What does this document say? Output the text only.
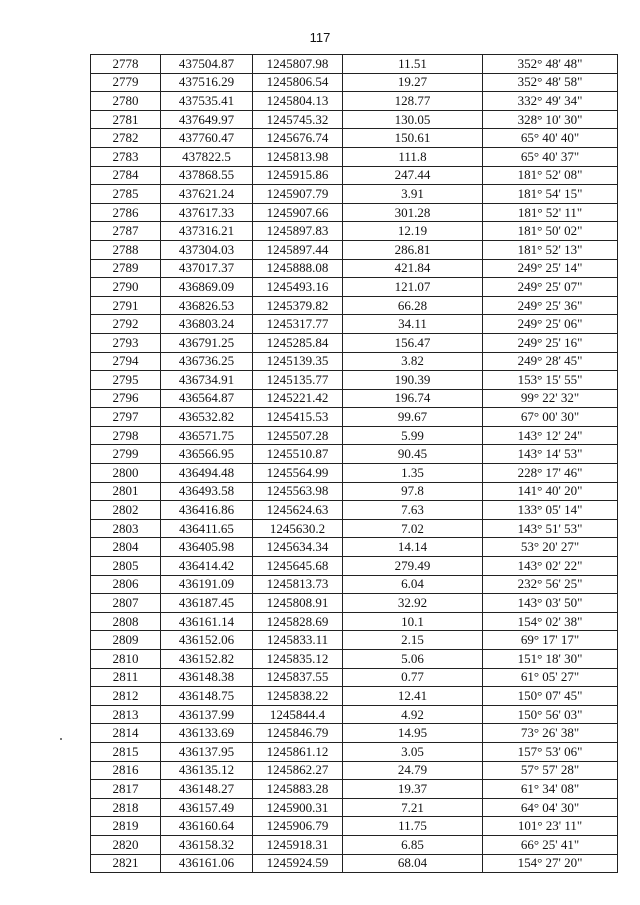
117
2778	437504.87	1245807.98	11.51	352° 48' 48"
2779	437516.29	1245806.54	19.27	352° 48' 58"
2780	437535.41	1245804.13	128.77	332° 49' 34"
2781	437649.97	1245745.32	130.05	328° 10' 30"
2782	437760.47	1245676.74	150.61	65° 40' 40"
2783	437822.5	1245813.98	111.8	65° 40' 37"
2784	437868.55	1245915.86	247.44	181° 52' 08"
2785	437621.24	1245907.79	3.91	181° 54' 15"
2786	437617.33	1245907.66	301.28	181° 52' 11"
2787	437316.21	1245897.83	12.19	181° 50' 02"
2788	437304.03	1245897.44	286.81	181° 52' 13"
2789	437017.37	1245888.08	421.84	249° 25' 14"
2790	436869.09	1245493.16	121.07	249° 25' 07"
2791	436826.53	1245379.82	66.28	249° 25' 36"
2792	436803.24	1245317.77	34.11	249° 25' 06"
2793	436791.25	1245285.84	156.47	249° 25' 16"
2794	436736.25	1245139.35	3.82	249° 28' 45"
2795	436734.91	1245135.77	190.39	153° 15' 55"
2796	436564.87	1245221.42	196.74	99° 22' 32"
2797	436532.82	1245415.53	99.67	67° 00' 30"
2798	436571.75	1245507.28	5.99	143° 12' 24"
2799	436566.95	1245510.87	90.45	143° 14' 53"
2800	436494.48	1245564.99	1.35	228° 17' 46"
2801	436493.58	1245563.98	97.8	141° 40' 20"
2802	436416.86	1245624.63	7.63	133° 05' 14"
2803	436411.65	1245630.2	7.02	143° 51' 53"
2804	436405.98	1245634.34	14.14	53° 20' 27"
2805	436414.42	1245645.68	279.49	143° 02' 22"
2806	436191.09	1245813.73	6.04	232° 56' 25"
2807	436187.45	1245808.91	32.92	143° 03' 50"
2808	436161.14	1245828.69	10.1	154° 02' 38"
2809	436152.06	1245833.11	2.15	69° 17' 17"
2810	436152.82	1245835.12	5.06	151° 18' 30"
2811	436148.38	1245837.55	0.77	61° 05' 27"
2812	436148.75	1245838.22	12.41	150° 07' 45"
2813	436137.99	1245844.4	4.92	150° 56' 03"
2814	436133.69	1245846.79	14.95	73° 26' 38"
2815	436137.95	1245861.12	3.05	157° 53' 06"
2816	436135.12	1245862.27	24.79	57° 57' 28"
2817	436148.27	1245883.28	19.37	61° 34' 08"
2818	436157.49	1245900.31	7.21	64° 04' 30"
2819	436160.64	1245906.79	11.75	101° 23' 11"
2820	436158.32	1245918.31	6.85	66° 25' 41"
2821	436161.06	1245924.59	68.04	154° 27' 20"
